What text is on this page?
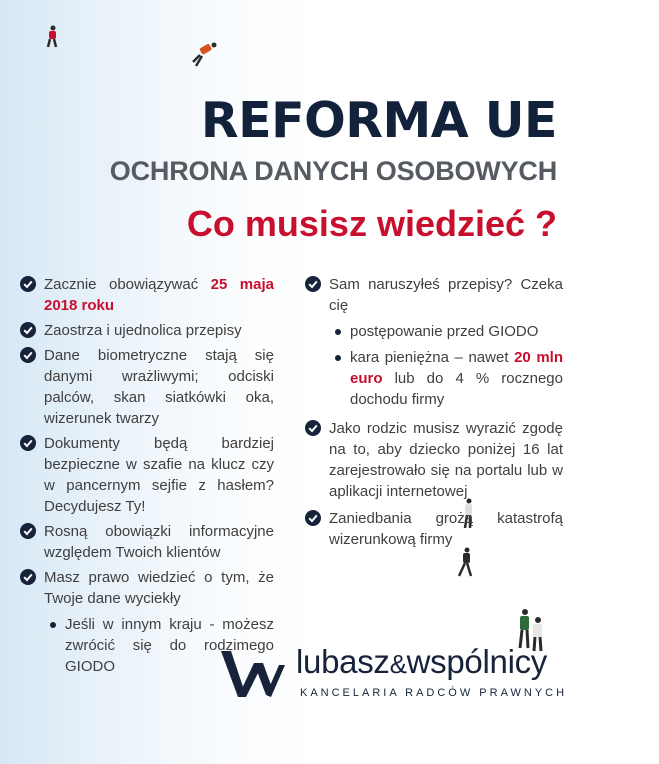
REFORMA UE
OCHRONA DANYCH OSOBOWYCH
Co musisz wiedzieć ?
Zacznie obowiązywać 25 maja 2018 roku
Zaostrza i ujednolica przepisy
Dane biometryczne stają się danymi wrażliwymi; odciski palców, skan siatkówki oka, wizerunek twarzy
Dokumenty będą bardziej bezpieczne w szafie na klucz czy w pancernym sejfie z hasłem? Decydujesz Ty!
Rosną obowiązki informacyjne względem Twoich klientów
Masz prawo wiedzieć o tym, że Twoje dane wyciekły
Jeśli w innym kraju - możesz zwrócić się do rodzimego GIODO
Sam naruszyłeś przepisy? Czeka cię
postępowanie przed GIODO
kara pieniężna – nawet 20 mln euro lub do 4 % rocznego dochodu firmy
Jako rodzic musisz wyrazić zgodę na to, aby dziecko poniżej 16 lat zarejestrowało się na portalu lub w aplikacji internetowej
Zaniedbania grożą katastrofą wizerunkową firmy
lubasz&wspólnicy
KANCELARIA RADCÓW PRAWNYCH
